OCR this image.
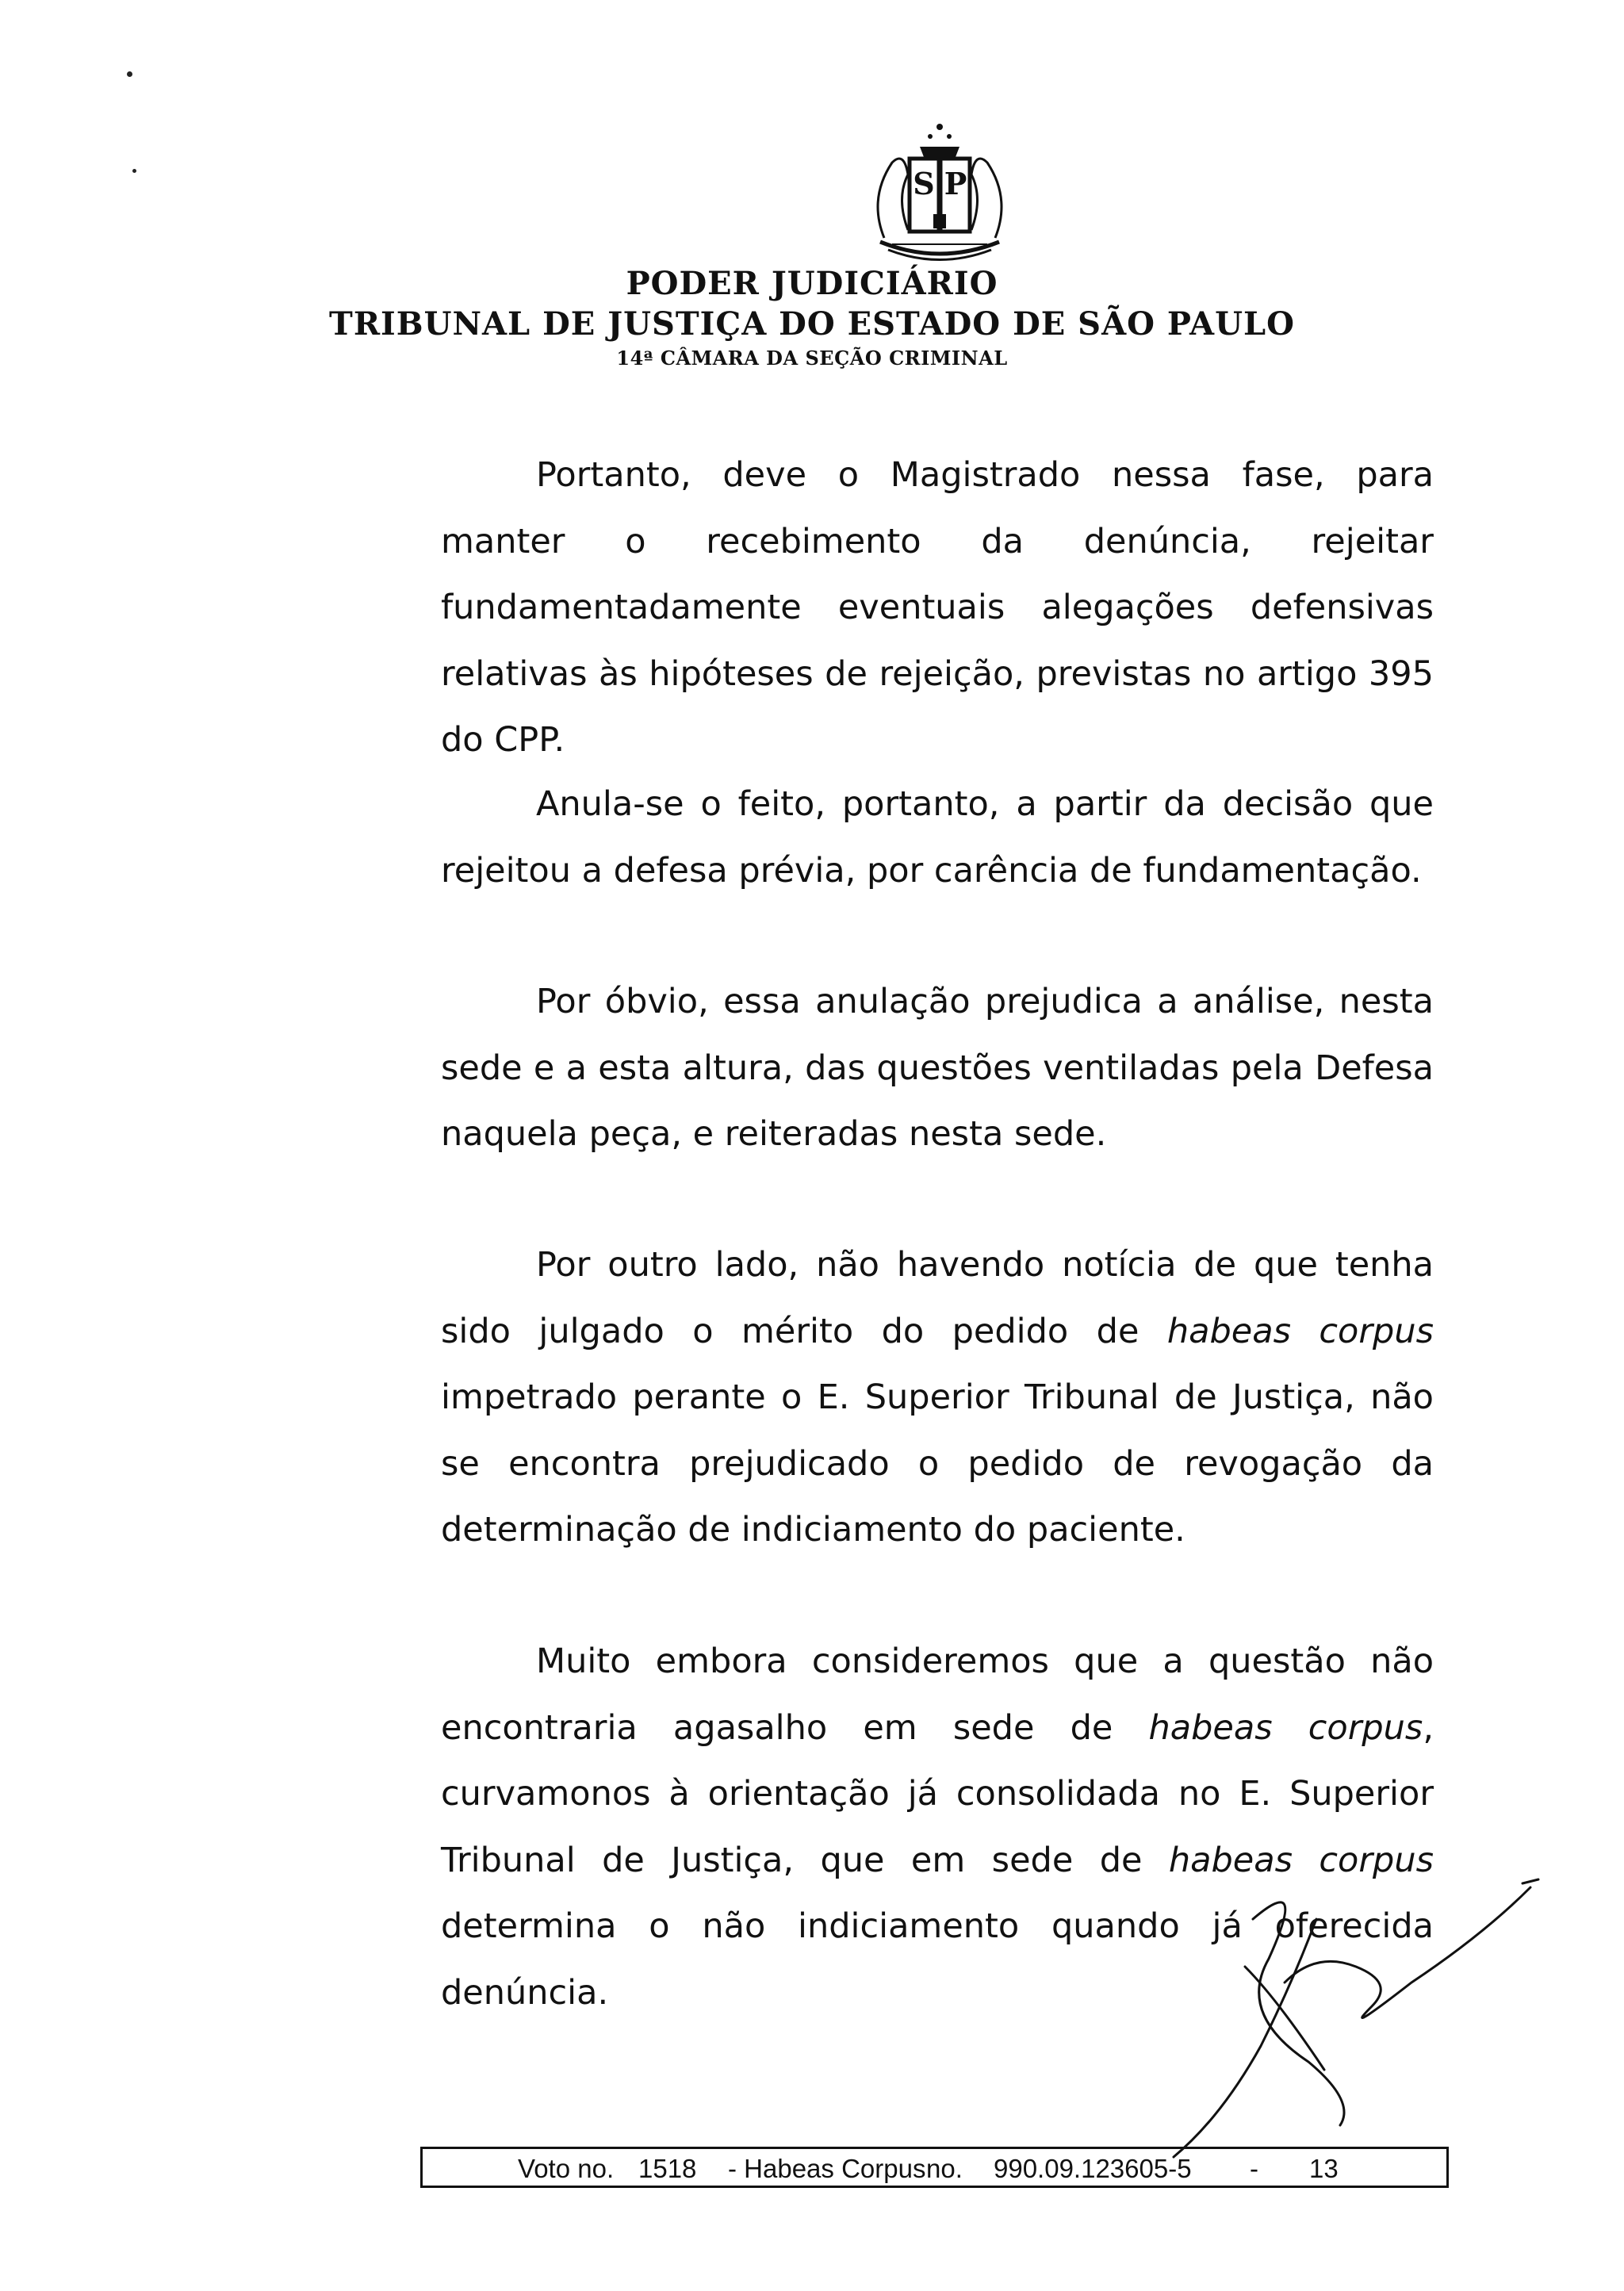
S P
PODER JUDICIÁRIO
TRIBUNAL DE JUSTIÇA DO ESTADO DE SÃO PAULO
14ª CÂMARA DA SEÇÃO CRIMINAL

Portanto, deve o Magistrado nessa fase, para manter o recebimento da denúncia, rejeitar fundamentadamente eventuais alegações defensivas relativas às hipóteses de rejeição, previstas no artigo 395 do CPP.

Anula-se o feito, portanto, a partir da decisão que rejeitou a defesa prévia, por carência de fundamentação.

Por óbvio, essa anulação prejudica a análise, nesta sede e a esta altura, das questões ventiladas pela Defesa naquela peça, e reiteradas nesta sede.

Por outro lado, não havendo notícia de que tenha sido julgado o mérito do pedido de habeas corpus impetrado perante o E. Superior Tribunal de Justiça, não se encontra prejudicado o pedido de revogação da determinação de indiciamento do paciente.

Muito embora consideremos que a questão não encontraria agasalho em sede de habeas corpus, curvamonos à orientação já consolidada no E. Superior Tribunal de Justiça, que em sede de habeas corpus determina o não indiciamento quando já oferecida denúncia.

Voto no. 1518 - Habeas Corpus no. 990.09.123605-5 - 13
